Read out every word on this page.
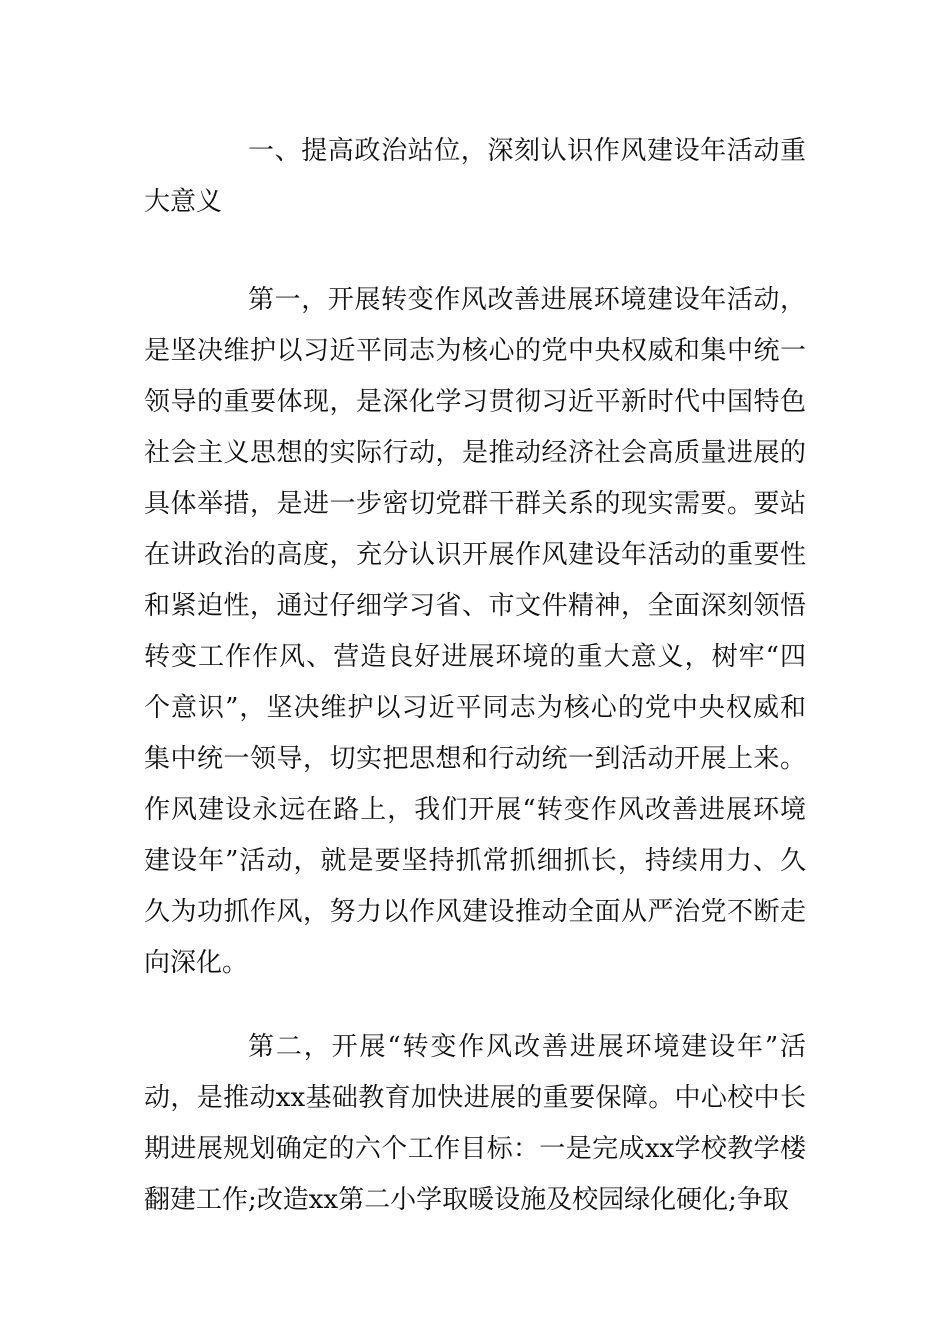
一、提高政治站位，深刻认识作风建设年活动重大意义

第一，开展转变作风改善进展环境建设年活动，是坚决维护以习近平同志为核心的党中央权威和集中统一领导的重要体现，是深化学习贯彻习近平新时代中国特色社会主义思想的实际行动，是推动经济社会高质量进展的具体举措，是进一步密切党群干群关系的现实需要。要站在讲政治的高度，充分认识开展作风建设年活动的重要性和紧迫性，通过仔细学习省、市文件精神，全面深刻领悟转变工作作风、营造良好进展环境的重大意义，树牢“四个意识”，坚决维护以习近平同志为核心的党中央权威和集中统一领导，切实把思想和行动统一到活动开展上来。作风建设永远在路上，我们开展“转变作风改善进展环境建设年”活动，就是要坚持抓常抓细抓长，持续用力、久久为功抓作风，努力以作风建设推动全面从严治党不断走向深化。

第二，开展“转变作风改善进展环境建设年”活动，是推动xx基础教育加快进展的重要保障。中心校中长期进展规划确定的六个工作目标：一是完成xx学校教学楼翻建工作;改造xx第二小学取暖设施及校园绿化硬化;争取
